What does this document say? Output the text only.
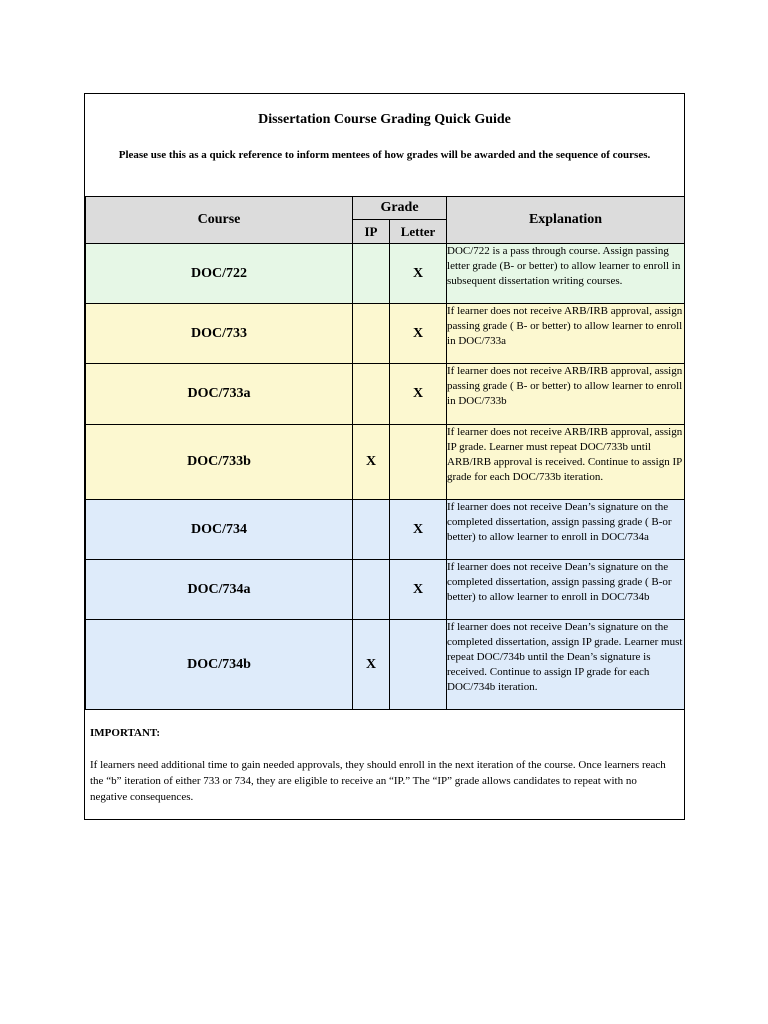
Dissertation Course Grading Quick Guide
Please use this as a quick reference to inform mentees of how grades will be awarded and the sequence of courses.
Course	Grade		Explanation
	IP	Letter	
DOC/722		X	DOC/722 is a pass through course. Assign passing letter grade (B- or better) to allow learner to enroll in subsequent dissertation writing courses.
DOC/733		X	If learner does not receive ARB/IRB approval, assign passing grade ( B- or better) to allow learner to enroll in DOC/733a
DOC/733a		X	If learner does not receive ARB/IRB approval, assign passing grade ( B- or better) to allow learner to enroll in DOC/733b
DOC/733b	X		If learner does not receive ARB/IRB approval, assign IP grade. Learner must repeat DOC/733b until ARB/IRB approval is received. Continue to assign IP grade for each DOC/733b iteration.
DOC/734		X	If learner does not receive Dean’s signature on the completed dissertation, assign passing grade ( B-or better) to allow learner to enroll in DOC/734a
DOC/734a		X	If learner does not receive Dean’s signature on the completed dissertation, assign passing grade ( B-or better) to allow learner to enroll in DOC/734b
DOC/734b	X		If learner does not receive Dean’s signature on the completed dissertation, assign IP grade. Learner must repeat DOC/734b until the Dean’s signature is received. Continue to assign IP grade for each DOC/734b iteration.
IMPORTANT:
If learners need additional time to gain needed approvals, they should enroll in the next iteration of the course. Once learners reach the “b” iteration of either 733 or 734, they are eligible to receive an “IP.” The “IP” grade allows candidates to repeat with no negative consequences.
